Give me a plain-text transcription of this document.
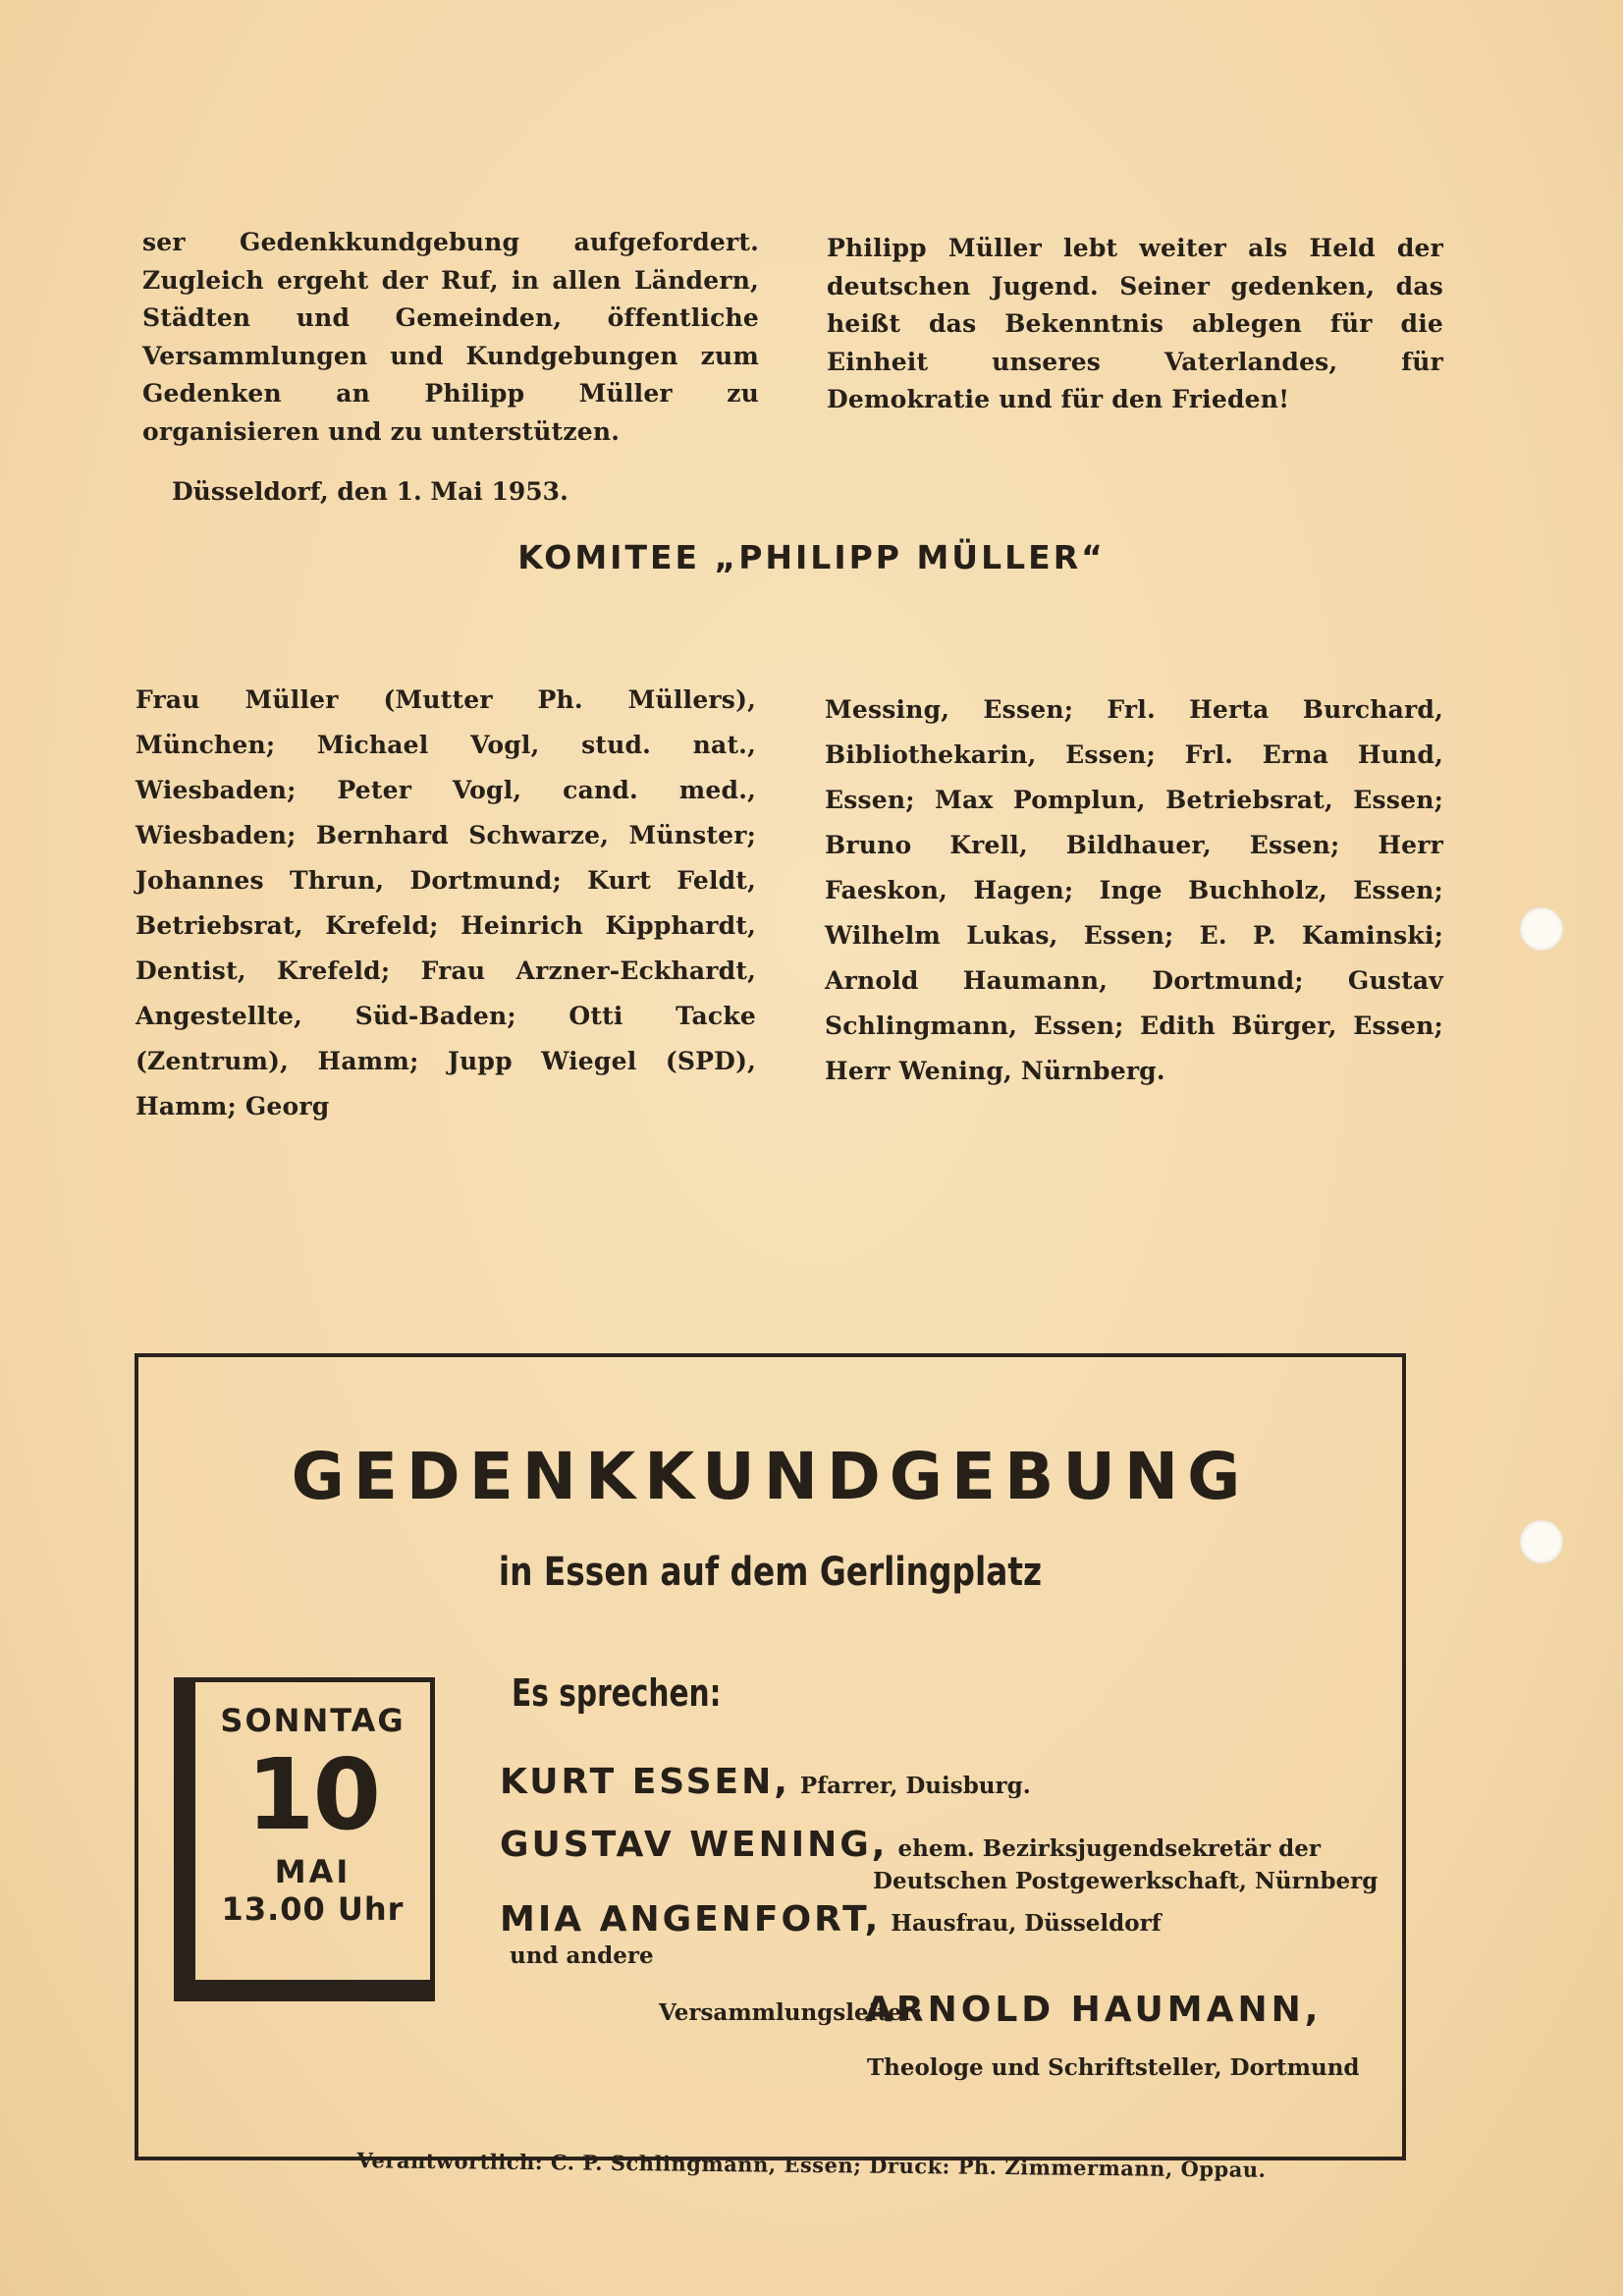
ser Gedenkkundgebung aufgefordert. Zugleich ergeht der Ruf, in allen Ländern, Städten und Gemeinden, öffentliche Versammlungen und Kundgebungen zum Gedenken an Philipp Müller zu organisieren und zu unterstützen.
Philipp Müller lebt weiter als Held der deutschen Jugend. Seiner gedenken, das heißt das Bekenntnis ablegen für die Einheit unseres Vaterlandes, für Demokratie und für den Frieden!
Düsseldorf, den 1. Mai 1953.
KOMITEE „PHILIPP MÜLLER“
Frau Müller (Mutter Ph. Müllers), München; Michael Vogl, stud. nat., Wiesbaden; Peter Vogl, cand. med., Wiesbaden; Bernhard Schwarze, Münster; Johannes Thrun, Dortmund; Kurt Feldt, Betriebsrat, Krefeld; Heinrich Kipphardt, Dentist, Krefeld; Frau Arzner-Eckhardt, Angestellte, Süd-Baden; Otti Tacke (Zentrum), Hamm; Jupp Wiegel (SPD), Hamm; Georg
Messing, Essen; Frl. Herta Burchard, Bibliothekarin, Essen; Frl. Erna Hund, Essen; Max Pomplun, Betriebsrat, Essen; Bruno Krell, Bildhauer, Essen; Herr Faeskon, Hagen; Inge Buchholz, Essen; Wilhelm Lukas, Essen; E. P. Kaminski; Arnold Haumann, Dortmund; Gustav Schlingmann, Essen; Edith Bürger, Essen; Herr Wening, Nürnberg.
GEDENKKUNDGEBUNG
in Essen auf dem Gerlingplatz
SONNTAG
10
MAI
13.00 Uhr
Es sprechen:
KURT ESSEN, Pfarrer, Duisburg.
GUSTAV WENING, ehem. Bezirksjugendsekretär der
Deutschen Postgewerkschaft, Nürnberg
MIA ANGENFORT, Hausfrau, Düsseldorf
und andere
Versammlungsleiter:
ARNOLD HAUMANN,
Theologe und Schriftsteller, Dortmund
Verantwortlich: C. P. Schlingmann, Essen; Druck: Ph. Zimmermann, Oppau.
